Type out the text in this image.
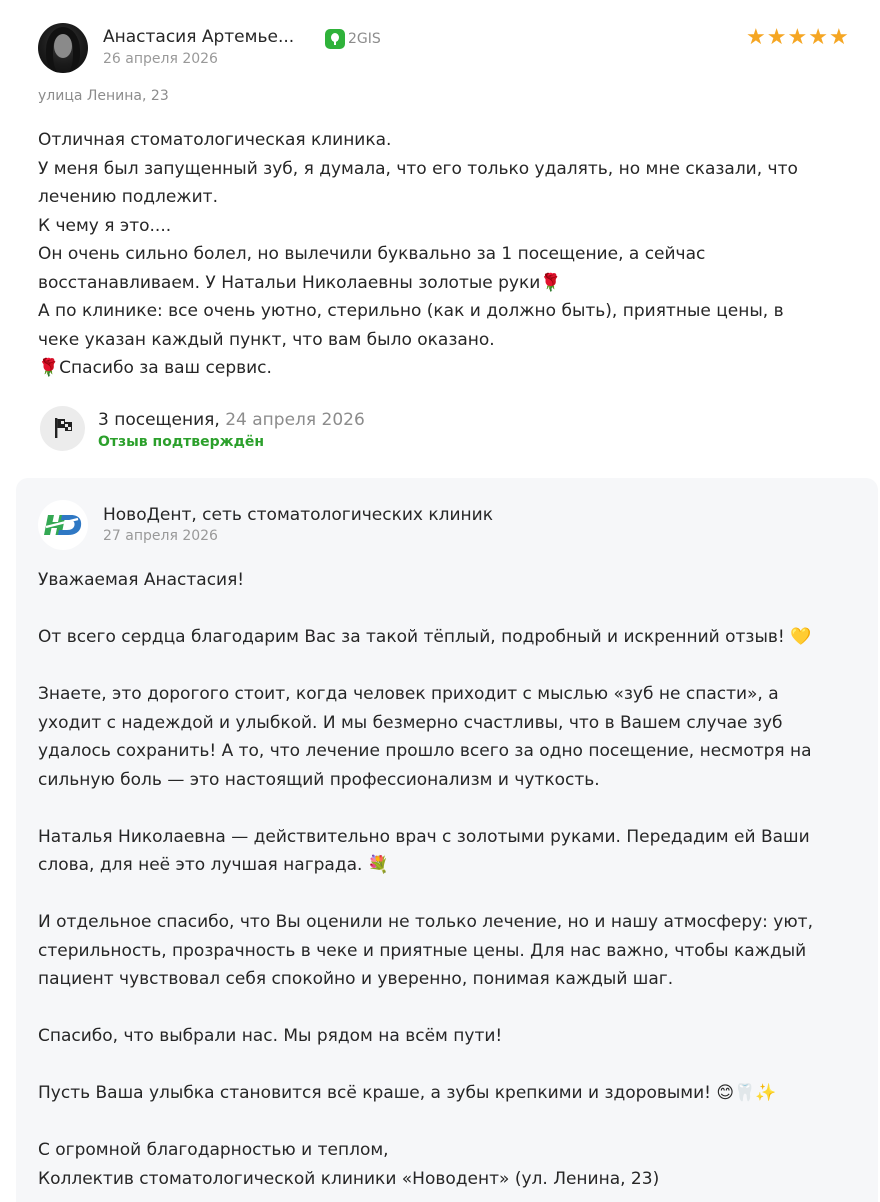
Анастасия Артемье...	2GIS
26 апреля 2026
★ ★ ★ ★ ★
улица Ленина, 23

Отличная стоматологическая клиника.

У меня был запущенный зуб, я думала, что его только удалять, но мне сказали, что

лечению подлежит.

К чему я это....

Он очень сильно болел, но вылечили буквально за 1 посещение, а сейчас

восстанавливаем. У Натальи Николаевны золотые руки🌹

А по клинике: все очень уютно, стерильно (как и должно быть), приятные цены, в

чеке указан каждый пункт, что вам было оказано.

🌹Спасибо за ваш сервис.

3 посещения, 24 апреля 2026
Отзыв подтверждён
НовоДент, сеть стоматологических клиник
27 апреля 2026

Уважаемая Анастасия!

От всего сердца благодарим Вас за такой тёплый, подробный и искренний отзыв! 💛

Знаете, это дорогого стоит, когда человек приходит с мыслью «зуб не спасти», а
уходит с надеждой и улыбкой. И мы безмерно счастливы, что в Вашем случае зуб
удалось сохранить! А то, что лечение прошло всего за одно посещение, несмотря на
сильную боль — это настоящий профессионализм и чуткость.

Наталья Николаевна — действительно врач с золотыми руками. Передадим ей Ваши
слова, для неё это лучшая награда. 💐

И отдельное спасибо, что Вы оценили не только лечение, но и нашу атмосферу: уют,
стерильность, прозрачность в чеке и приятные цены. Для нас важно, чтобы каждый
пациент чувствовал себя спокойно и уверенно, понимая каждый шаг.

Спасибо, что выбрали нас. Мы рядом на всём пути!

Пусть Ваша улыбка становится всё краше, а зубы крепкими и здоровыми! 😊🦷✨

С огромной благодарностью и теплом,
Коллектив стоматологической клиники «Новодент» (ул. Ленина, 23)
